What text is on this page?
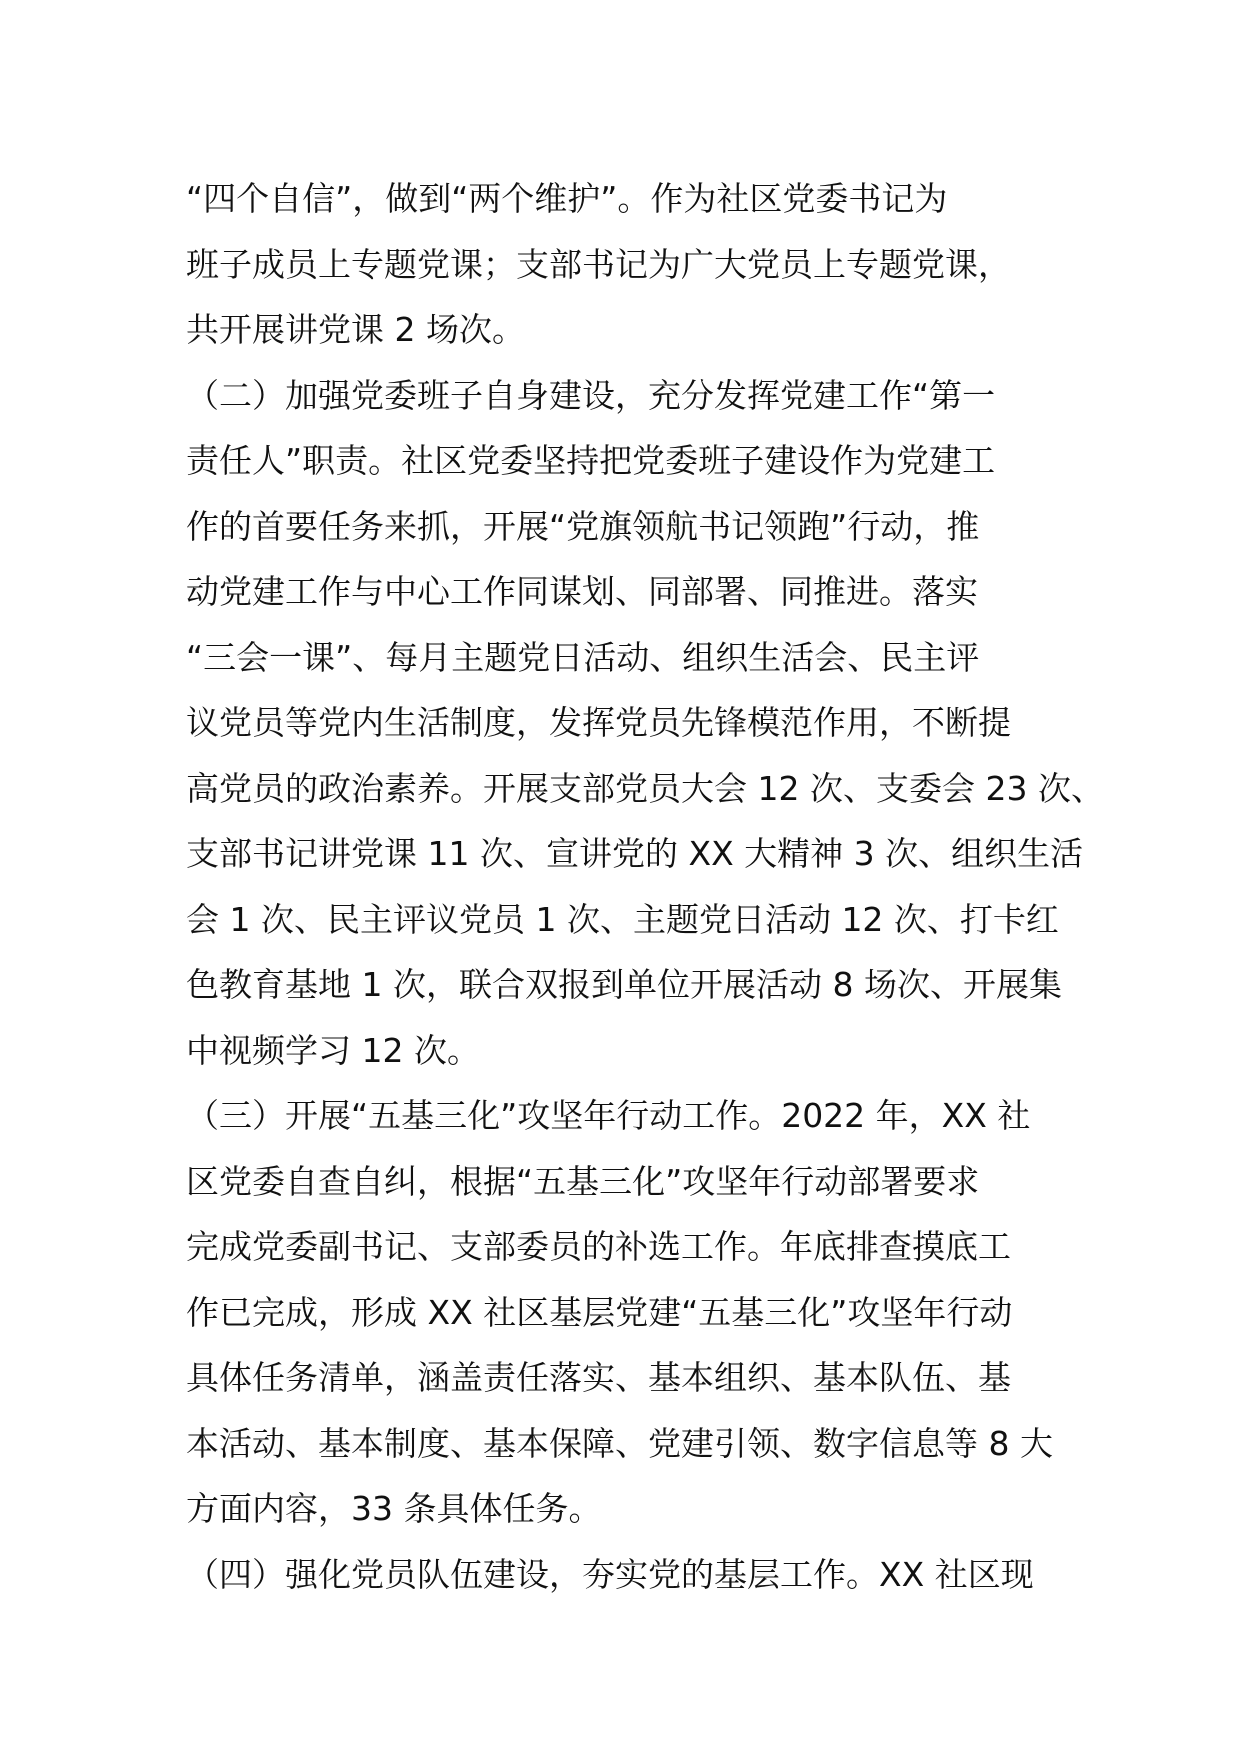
“四个自信”，做到“两个维护”。作为社区党委书记为
班子成员上专题党课；支部书记为广大党员上专题党课，
共开展讲党课 2 场次。
（二）加强党委班子自身建设，充分发挥党建工作“第一
责任人”职责。社区党委坚持把党委班子建设作为党建工
作的首要任务来抓，开展“党旗领航书记领跑”行动，推
动党建工作与中心工作同谋划、同部署、同推进。落实
“三会一课”、每月主题党日活动、组织生活会、民主评
议党员等党内生活制度，发挥党员先锋模范作用，不断提
高党员的政治素养。开展支部党员大会 12 次、支委会 23 次、
支部书记讲党课 11 次、宣讲党的 XX 大精神 3 次、组织生活
会 1 次、民主评议党员 1 次、主题党日活动 12 次、打卡红
色教育基地 1 次，联合双报到单位开展活动 8 场次、开展集
中视频学习 12 次。
（三）开展“五基三化”攻坚年行动工作。2022 年，XX 社
区党委自查自纠，根据“五基三化”攻坚年行动部署要求
完成党委副书记、支部委员的补选工作。年底排查摸底工
作已完成，形成 XX 社区基层党建“五基三化”攻坚年行动
具体任务清单，涵盖责任落实、基本组织、基本队伍、基
本活动、基本制度、基本保障、党建引领、数字信息等 8 大
方面内容，33 条具体任务。
（四）强化党员队伍建设，夯实党的基层工作。XX 社区现
